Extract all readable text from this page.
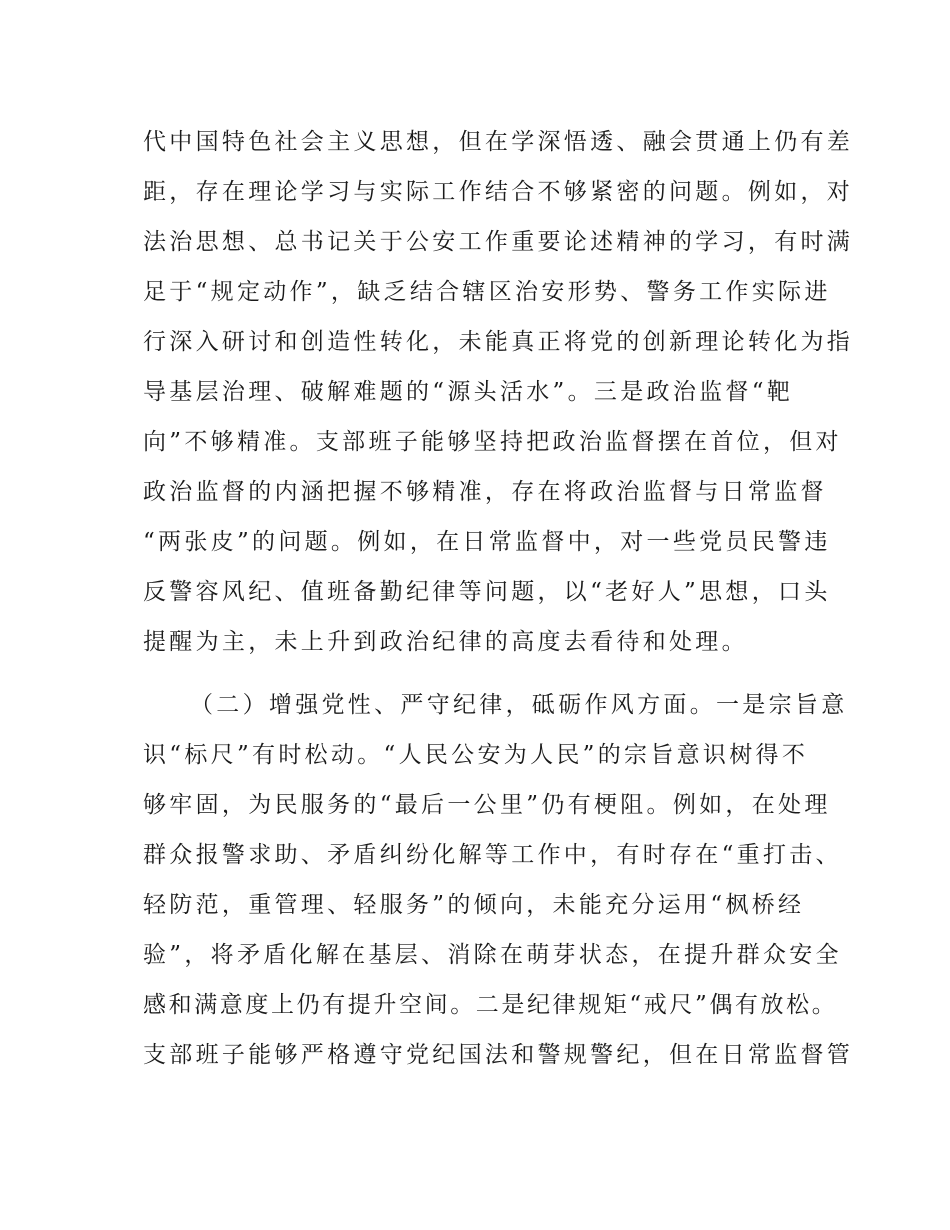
代中国特色社会主义思想，但在学深悟透、融会贯通上仍有差
距，存在理论学习与实际工作结合不够紧密的问题。例如，对
法治思想、总书记关于公安工作重要论述精神的学习，有时满
足于“规定动作”，缺乏结合辖区治安形势、警务工作实际进
行深入研讨和创造性转化，未能真正将党的创新理论转化为指
导基层治理、破解难题的“源头活水”。三是政治监督“靶
向”不够精准。支部班子能够坚持把政治监督摆在首位，但对
政治监督的内涵把握不够精准，存在将政治监督与日常监督
“两张皮”的问题。例如，在日常监督中，对一些党员民警违
反警容风纪、值班备勤纪律等问题，以“老好人”思想，口头
提醒为主，未上升到政治纪律的高度去看待和处理。
（二）增强党性、严守纪律，砥砺作风方面。一是宗旨意
识“标尺”有时松动。“人民公安为人民”的宗旨意识树得不
够牢固，为民服务的“最后一公里”仍有梗阻。例如，在处理
群众报警求助、矛盾纠纷化解等工作中，有时存在“重打击、
轻防范，重管理、轻服务”的倾向，未能充分运用“枫桥经
验”，将矛盾化解在基层、消除在萌芽状态，在提升群众安全
感和满意度上仍有提升空间。二是纪律规矩“戒尺”偶有放松。
支部班子能够严格遵守党纪国法和警规警纪，但在日常监督管
